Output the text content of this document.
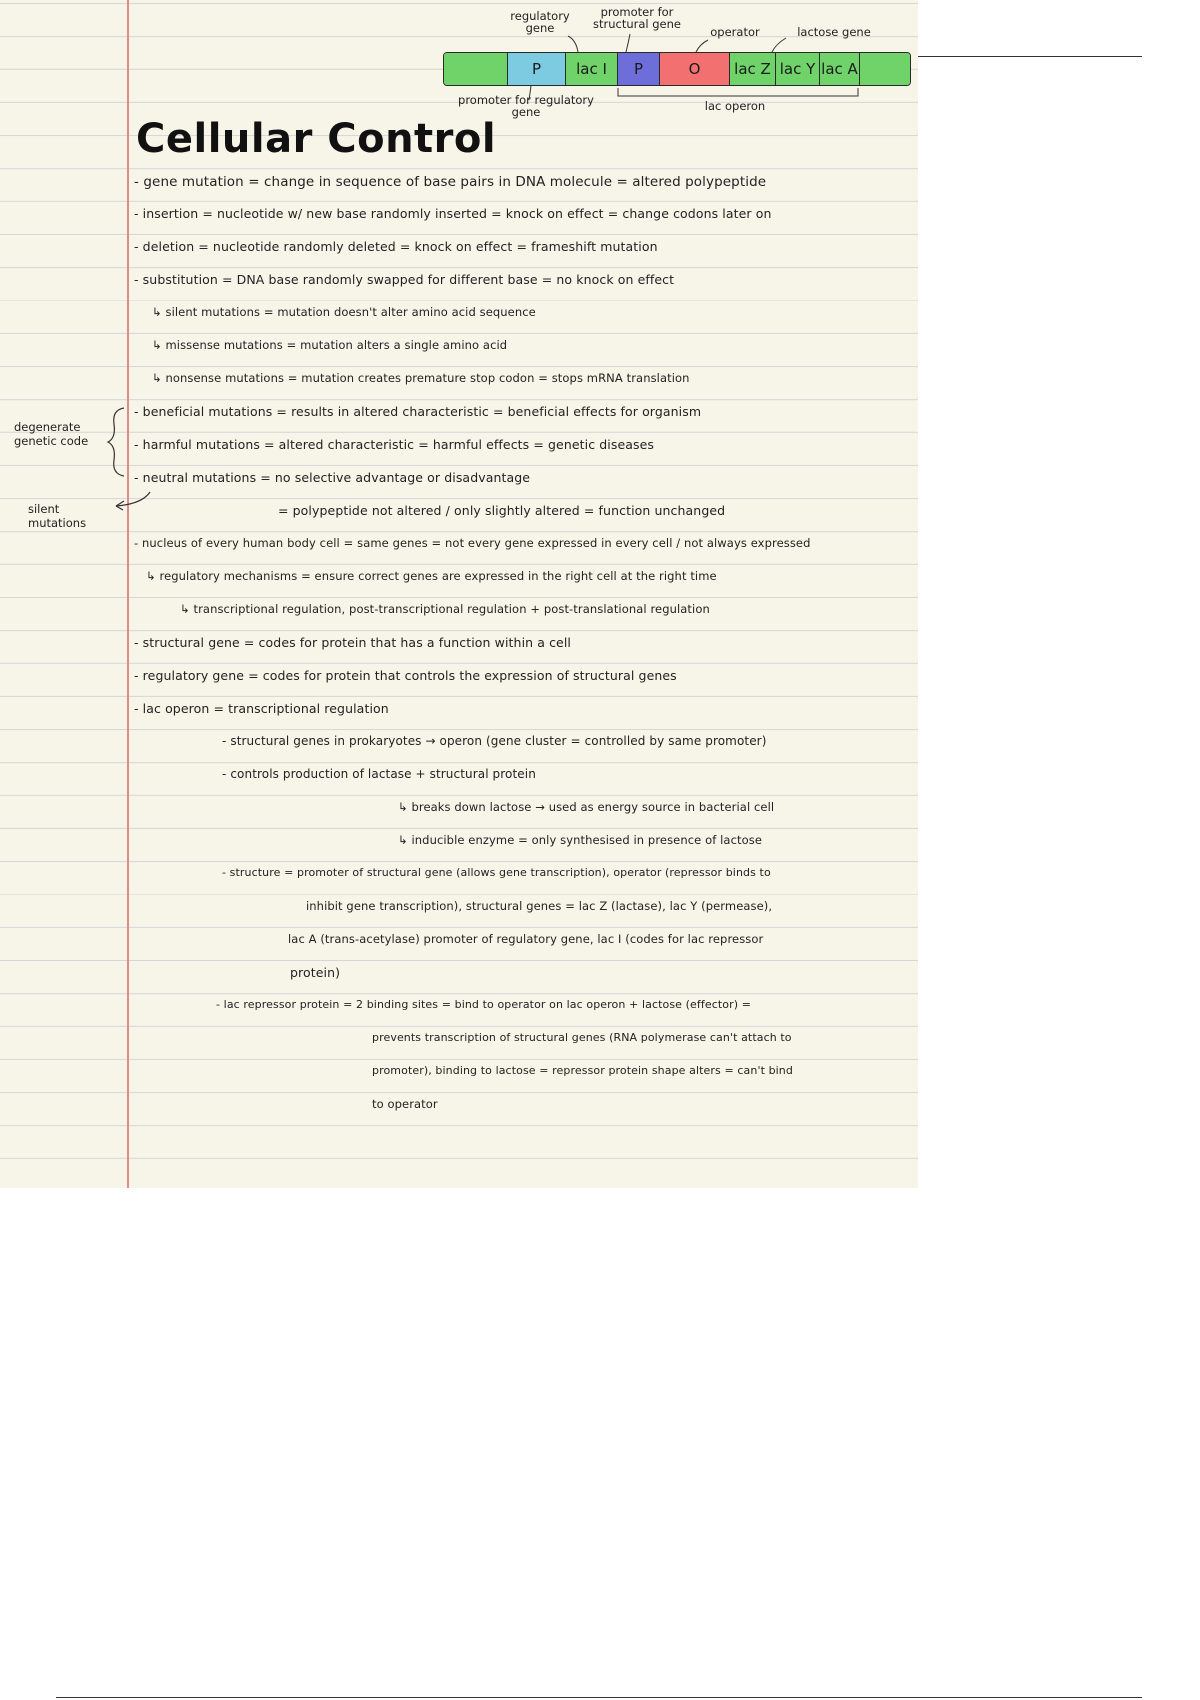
regulatory gene
promoter for structural gene
operator	lactose gene
P	lac I	P	O	lac Z lac Y lac A
promoter for regulatory gene	lac operon
Cellular Control
degenerate genetic code
silent mutations
- gene mutation = change in sequence of base pairs in DNA molecule = altered polypeptide
- insertion = nucleotide w/ new base randomly inserted = knock on effect = change codons later on
- deletion = nucleotide randomly deleted = knock on effect = frameshift mutation
- substitution = DNA base randomly swapped for different base = no knock on effect
↳ silent mutations = mutation doesn't alter amino acid sequence
↳ missense mutations = mutation alters a single amino acid
↳ nonsense mutations = mutation creates premature stop codon = stops mRNA translation
- beneficial mutations = results in altered characteristic = beneficial effects for organism
- harmful mutations = altered characteristic = harmful effects = genetic diseases
- neutral mutations = no selective advantage or disadvantage
= polypeptide not altered / only slightly altered = function unchanged
- nucleus of every human body cell = same genes = not every gene expressed in every cell / not always expressed
↳ regulatory mechanisms = ensure correct genes are expressed in the right cell at the right time
↳ transcriptional regulation, post-transcriptional regulation + post-translational regulation
- structural gene = codes for protein that has a function within a cell
- regulatory gene = codes for protein that controls the expression of structural genes
- lac operon = transcriptional regulation
- structural genes in prokaryotes → operon (gene cluster = controlled by same promoter)
- controls production of lactase + structural protein
↳ breaks down lactose → used as energy source in bacterial cell
↳ inducible enzyme = only synthesised in presence of lactose
- structure = promoter of structural gene (allows gene transcription), operator (repressor binds to
inhibit gene transcription), structural genes = lac Z (lactase), lac Y (permease),
lac A (trans-acetylase) promoter of regulatory gene, lac I (codes for lac repressor
protein)
- lac repressor protein = 2 binding sites = bind to operator on lac operon + lactose (effector) =
prevents transcription of structural genes (RNA polymerase can't attach to
promoter), binding to lactose = repressor protein shape alters = can't bind
to operator
